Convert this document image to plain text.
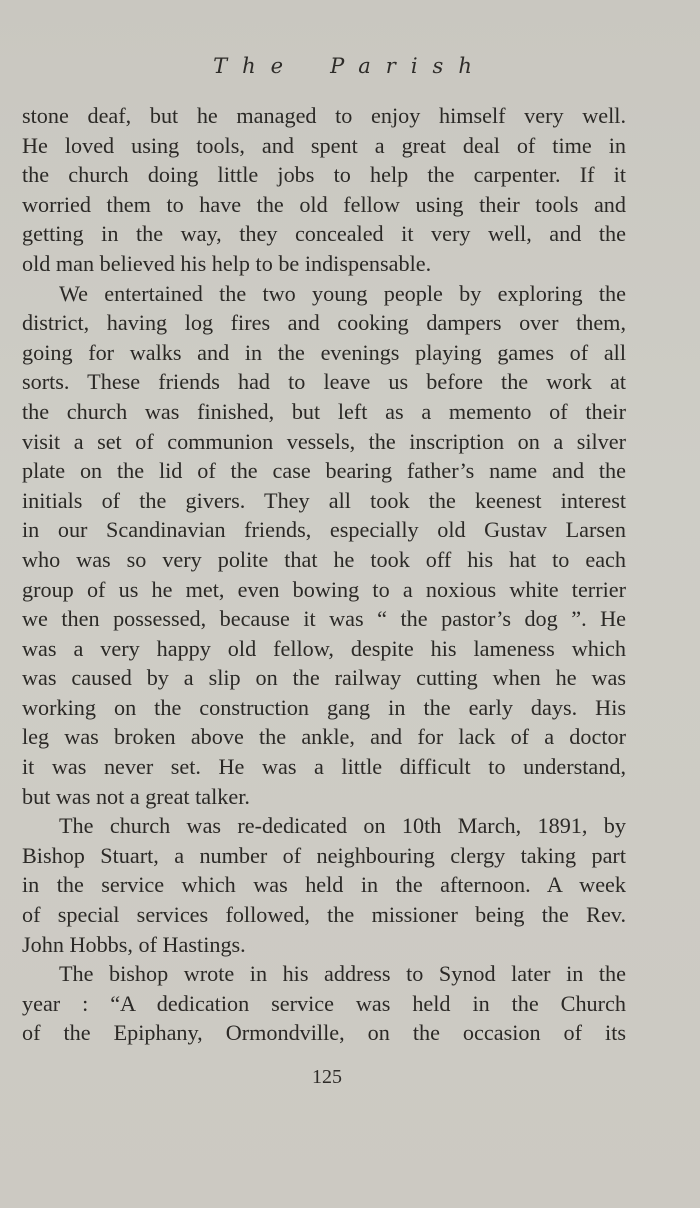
The Parish
stone deaf, but he managed to enjoy himself very well.
He loved using tools, and spent a great deal of time in
the church doing little jobs to help the carpenter. If it
worried them to have the old fellow using their tools and
getting in the way, they concealed it very well, and the
old man believed his help to be indispensable.
We entertained the two young people by exploring the
district, having log fires and cooking dampers over them,
going for walks and in the evenings playing games of all
sorts. These friends had to leave us before the work at
the church was finished, but left as a memento of their
visit a set of communion vessels, the inscription on a silver
plate on the lid of the case bearing father’s name and the
initials of the givers. They all took the keenest interest
in our Scandinavian friends, especially old Gustav Larsen
who was so very polite that he took off his hat to each
group of us he met, even bowing to a noxious white terrier
we then possessed, because it was “ the pastor’s dog ”. He
was a very happy old fellow, despite his lameness which
was caused by a slip on the railway cutting when he was
working on the construction gang in the early days. His
leg was broken above the ankle, and for lack of a doctor
it was never set. He was a little difficult to understand,
but was not a great talker.
The church was re-dedicated on 10th March, 1891, by
Bishop Stuart, a number of neighbouring clergy taking part
in the service which was held in the afternoon. A week
of special services followed, the missioner being the Rev.
John Hobbs, of Hastings.
The bishop wrote in his address to Synod later in the
year : “A dedication service was held in the Church
of the Epiphany, Ormondville, on the occasion of its
125
